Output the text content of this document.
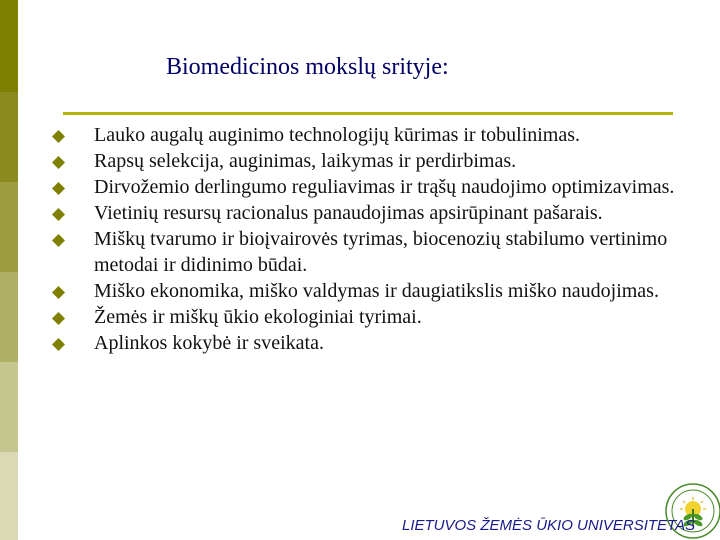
Biomedicinos mokslų srityje:
Lauko augalų auginimo technologijų kūrimas ir tobulinimas.
Rapsų selekcija, auginimas, laikymas ir perdirbimas.
Dirvožemio derlingumo reguliavimas ir trąšų naudojimo optimizavimas.
Vietinių resursų racionalus panaudojimas apsirūpinant pašarais.
Miškų tvarumo ir bioįvairovės tyrimas, biocenozių stabilumo vertinimo metodai ir didinimo būdai.
Miško ekonomika, miško valdymas ir daugiatikslis miško naudojimas.
Žemės ir miškų ūkio ekologiniai tyrimai.
Aplinkos kokybė ir sveikata.
LIETUVOS ŽEMĖS ŪKIO UNIVERSITETAS
